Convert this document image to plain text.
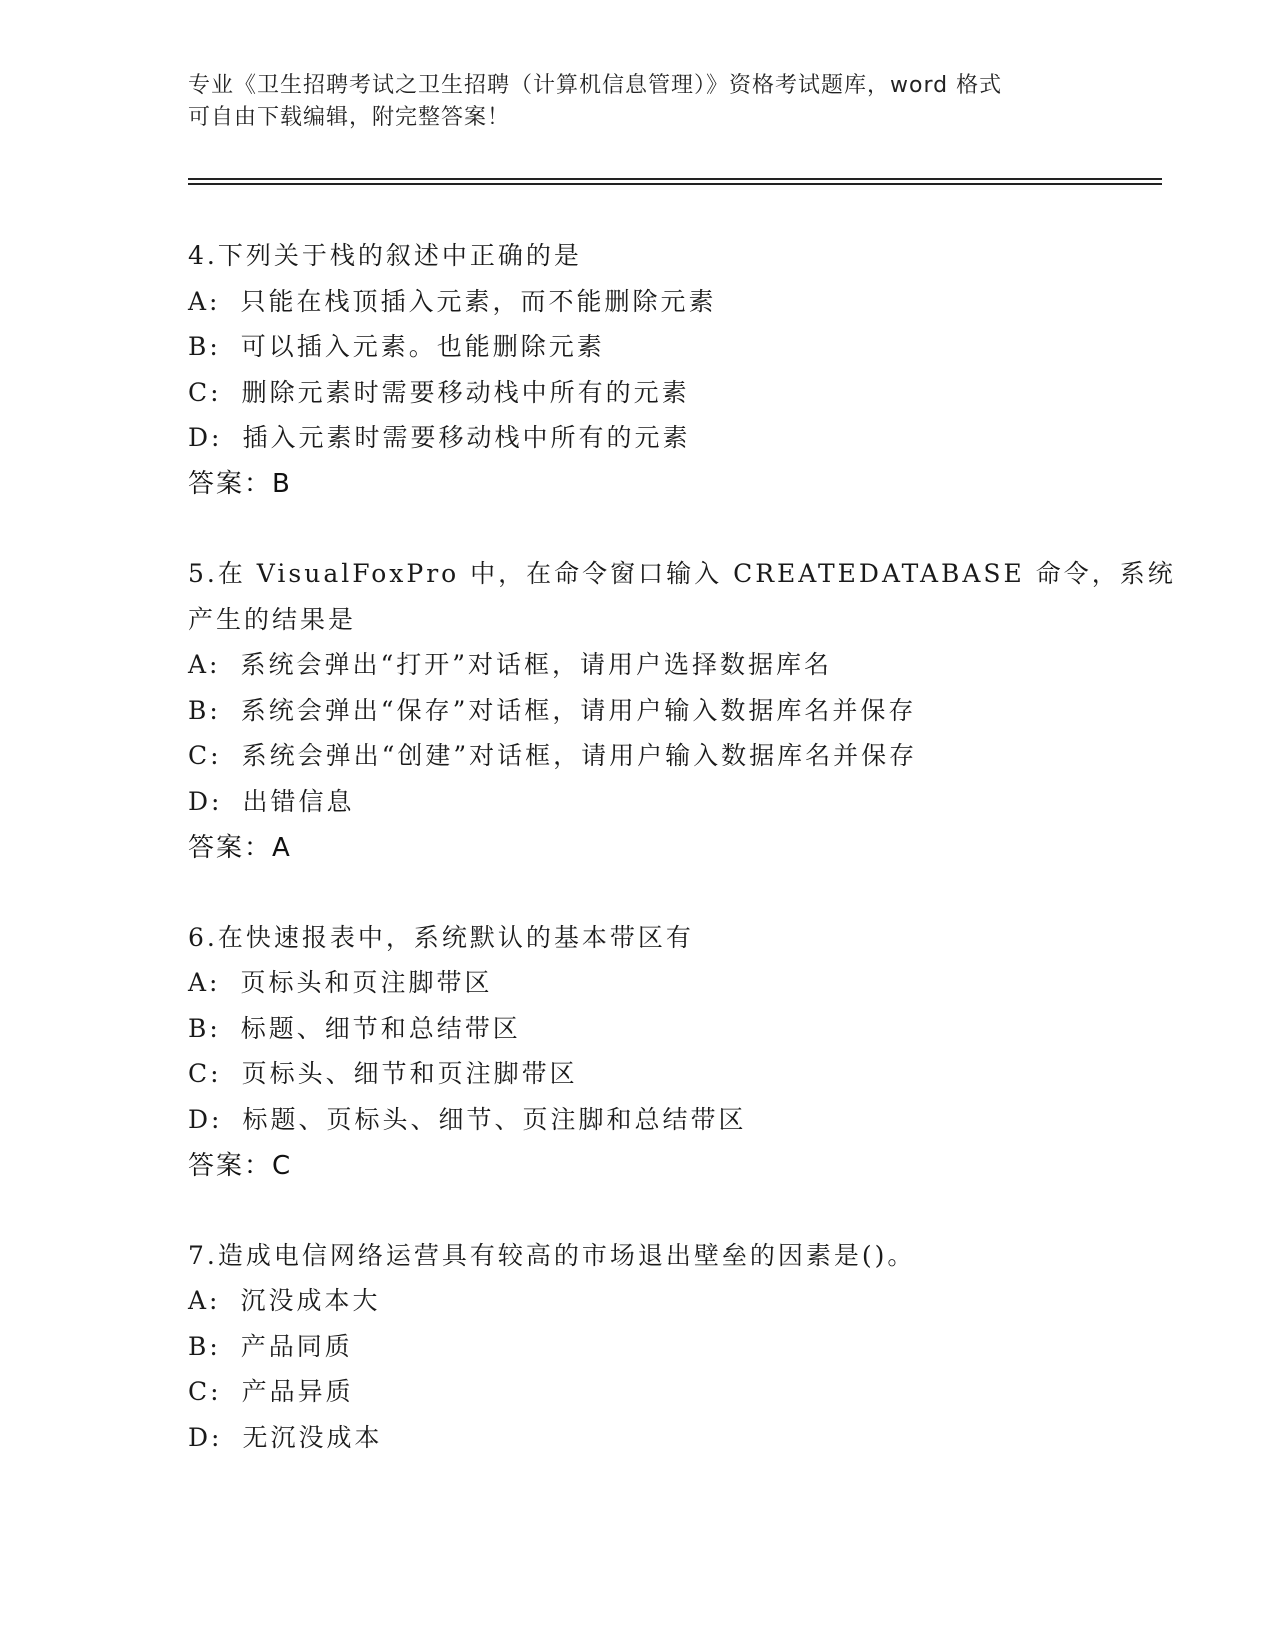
专业《卫生招聘考试之卫生招聘（计算机信息管理）》资格考试题库，word 格式

可自由下载编辑，附完整答案！

4.下列关于栈的叙述中正确的是
A: 只能在栈顶插入元素，而不能删除元素
B: 可以插入元素。也能删除元素
C: 删除元素时需要移动栈中所有的元素
D: 插入元素时需要移动栈中所有的元素
答案：B
5.在 VisualFoxPro 中，在命令窗口输入 CREATEDATABASE 命令，系统
产生的结果是
A: 系统会弹出“打开”对话框，请用户选择数据库名
B: 系统会弹出“保存”对话框，请用户输入数据库名并保存
C: 系统会弹出“创建”对话框，请用户输入数据库名并保存
D: 出错信息
答案：A
6.在快速报表中，系统默认的基本带区有
A: 页标头和页注脚带区
B: 标题、细节和总结带区
C: 页标头、细节和页注脚带区
D: 标题、页标头、细节、页注脚和总结带区
答案：C
7.造成电信网络运营具有较高的市场退出壁垒的因素是()。
A: 沉没成本大
B: 产品同质
C: 产品异质
D: 无沉没成本
